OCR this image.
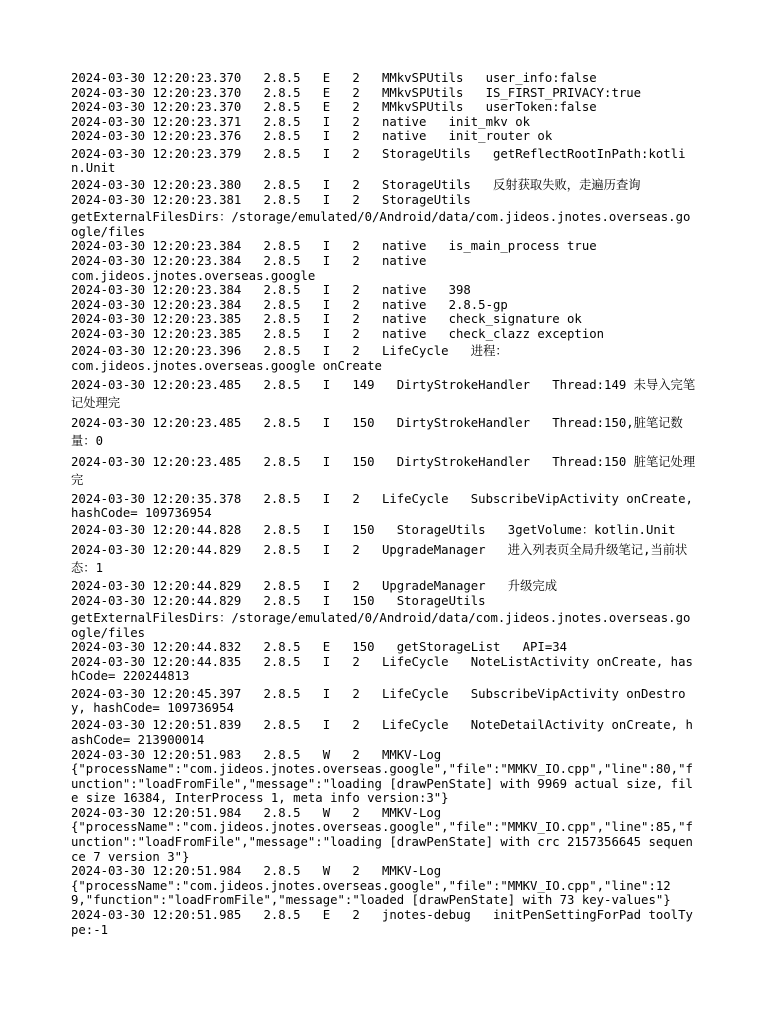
2024-03-30 12:20:23.370   2.8.5   E   2   MMkvSPUtils   user_info:false
2024-03-30 12:20:23.370   2.8.5   E   2   MMkvSPUtils   IS_FIRST_PRIVACY:true
2024-03-30 12:20:23.370   2.8.5   E   2   MMkvSPUtils   userToken:false
2024-03-30 12:20:23.371   2.8.5   I   2   native   init_mkv ok
2024-03-30 12:20:23.376   2.8.5   I   2   native   init_router ok
2024-03-30 12:20:23.379   2.8.5   I   2   StorageUtils   getReflectRootInPath:kotlin.Unit
2024-03-30 12:20:23.380   2.8.5   I   2   StorageUtils   反射获取失败，走遍历查询
2024-03-30 12:20:23.381   2.8.5   I   2   StorageUtils
getExternalFilesDirs：/storage/emulated/0/Android/data/com.jideos.jnotes.overseas.google/files
2024-03-30 12:20:23.384   2.8.5   I   2   native   is_main_process true
2024-03-30 12:20:23.384   2.8.5   I   2   native
com.jideos.jnotes.overseas.google
2024-03-30 12:20:23.384   2.8.5   I   2   native   398
2024-03-30 12:20:23.384   2.8.5   I   2   native   2.8.5-gp
2024-03-30 12:20:23.385   2.8.5   I   2   native   check_signature ok
2024-03-30 12:20:23.385   2.8.5   I   2   native   check_clazz exception
2024-03-30 12:20:23.396   2.8.5   I   2   LifeCycle   进程：
com.jideos.jnotes.overseas.google onCreate
2024-03-30 12:20:23.485   2.8.5   I   149   DirtyStrokeHandler   Thread:149 未导入完笔记处理完
2024-03-30 12:20:23.485   2.8.5   I   150   DirtyStrokeHandler   Thread:150,脏笔记数量：0
2024-03-30 12:20:23.485   2.8.5   I   150   DirtyStrokeHandler   Thread:150 脏笔记处理完
2024-03-30 12:20:35.378   2.8.5   I   2   LifeCycle   SubscribeVipActivity onCreate, hashCode= 109736954
2024-03-30 12:20:44.828   2.8.5   I   150   StorageUtils   3getVolume：kotlin.Unit
2024-03-30 12:20:44.829   2.8.5   I   2   UpgradeManager   进入列表页全局升级笔记,当前状态：1
2024-03-30 12:20:44.829   2.8.5   I   2   UpgradeManager   升级完成
2024-03-30 12:20:44.829   2.8.5   I   150   StorageUtils
getExternalFilesDirs：/storage/emulated/0/Android/data/com.jideos.jnotes.overseas.google/files
2024-03-30 12:20:44.832   2.8.5   E   150   getStorageList   API=34
2024-03-30 12:20:44.835   2.8.5   I   2   LifeCycle   NoteListActivity onCreate, hashCode= 220244813
2024-03-30 12:20:45.397   2.8.5   I   2   LifeCycle   SubscribeVipActivity onDestroy, hashCode= 109736954
2024-03-30 12:20:51.839   2.8.5   I   2   LifeCycle   NoteDetailActivity onCreate, hashCode= 213900014
2024-03-30 12:20:51.983   2.8.5   W   2   MMKV-Log
{"processName":"com.jideos.jnotes.overseas.google","file":"MMKV_IO.cpp","line":80,"function":"loadFromFile","message":"loading [drawPenState] with 9969 actual size, file size 16384, InterProcess 1, meta info version:3"}
2024-03-30 12:20:51.984   2.8.5   W   2   MMKV-Log
{"processName":"com.jideos.jnotes.overseas.google","file":"MMKV_IO.cpp","line":85,"function":"loadFromFile","message":"loading [drawPenState] with crc 2157356645 sequence 7 version 3"}
2024-03-30 12:20:51.984   2.8.5   W   2   MMKV-Log
{"processName":"com.jideos.jnotes.overseas.google","file":"MMKV_IO.cpp","line":129,"function":"loadFromFile","message":"loaded [drawPenState] with 73 key-values"}
2024-03-30 12:20:51.985   2.8.5   E   2   jnotes-debug   initPenSettingForPad toolType:-1
